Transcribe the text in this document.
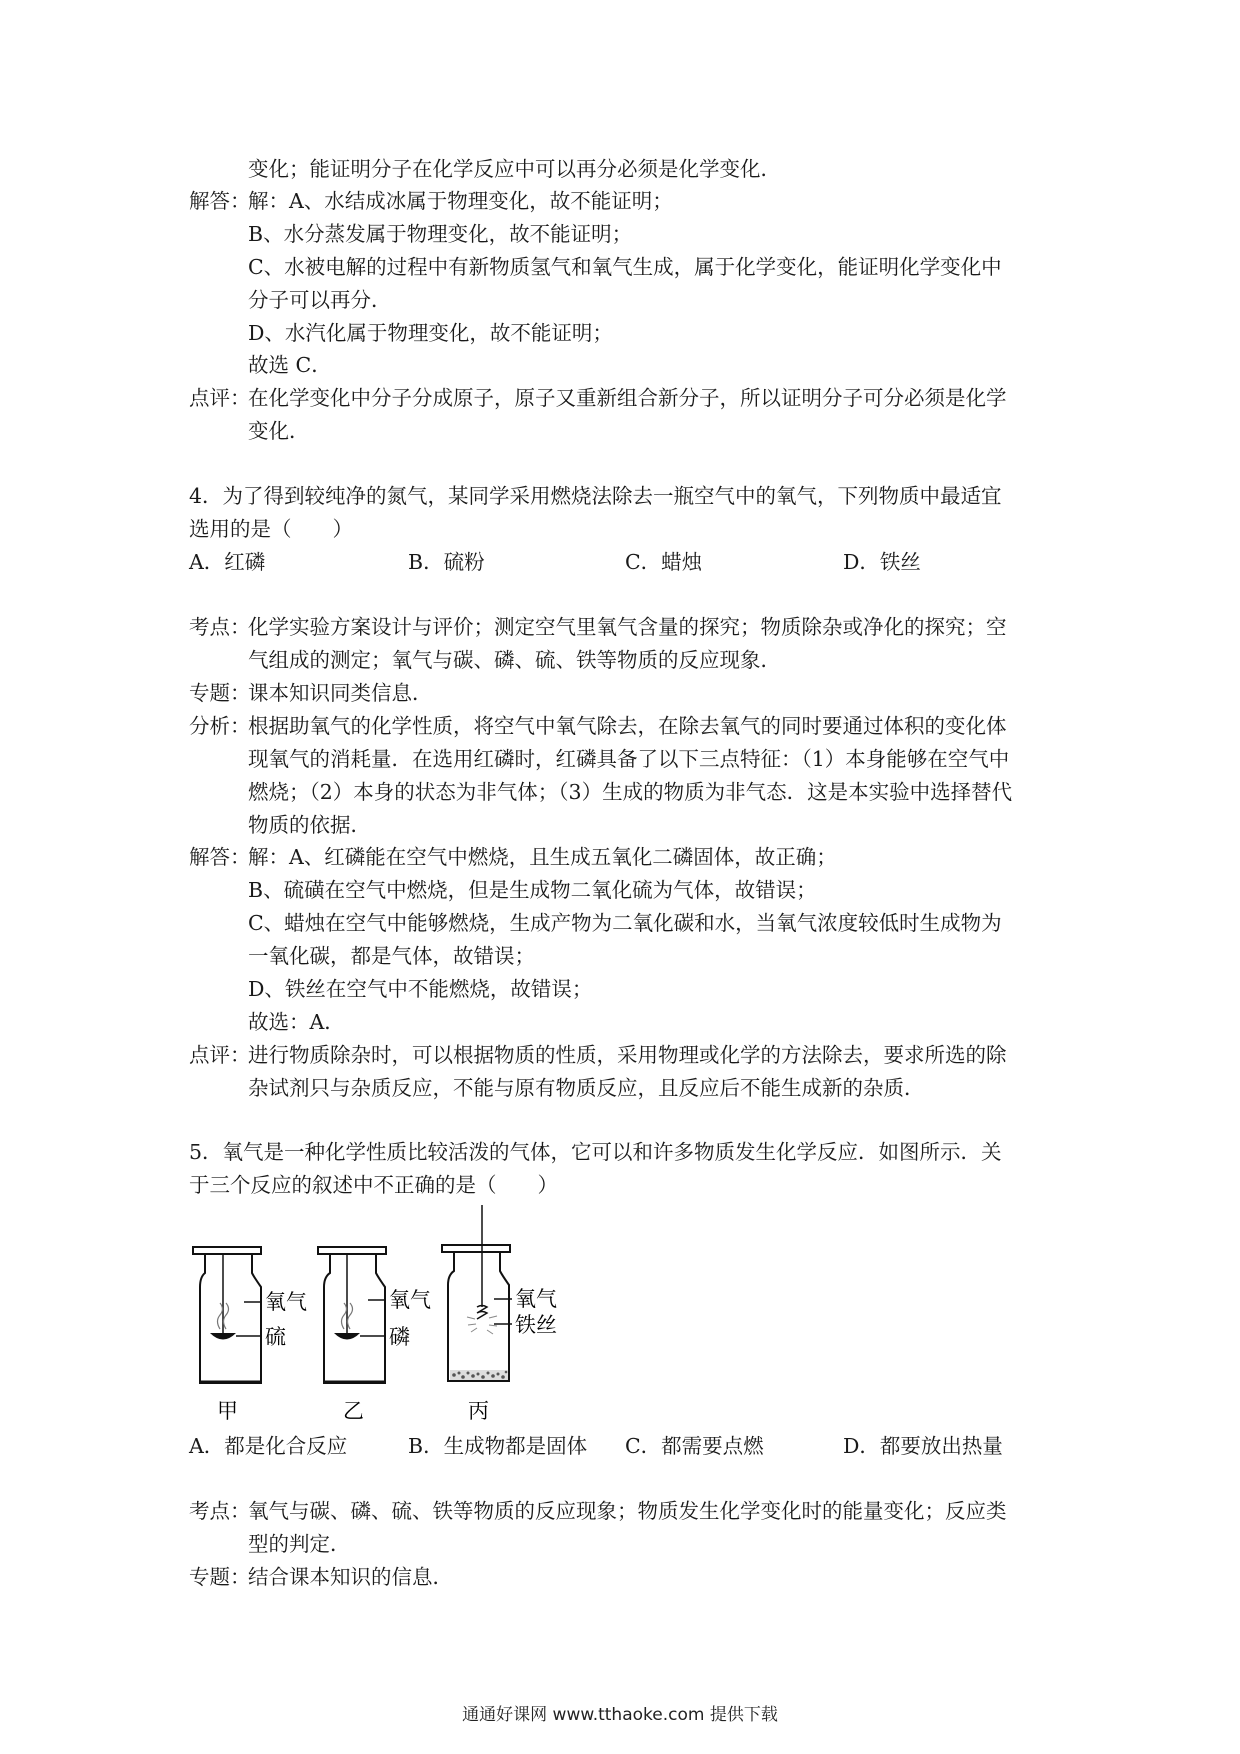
变化；能证明分子在化学反应中可以再分必须是化学变化．
解答：
解：A、水结成冰属于物理变化，故不能证明；
B、水分蒸发属于物理变化，故不能证明；
C、水被电解的过程中有新物质氢气和氧气生成，属于化学变化，能证明化学变化中
分子可以再分．
D、水汽化属于物理变化，故不能证明；
故选 C．
点评：
在化学变化中分子分成原子，原子又重新组合新分子，所以证明分子可分必须是化学
变化．
4．为了得到较纯净的氮气，某同学采用燃烧法除去一瓶空气中的氧气，下列物质中最适宜
选用的是（　　）
A．红磷	B．硫粉	C．蜡烛	D．铁丝
考点：
化学实验方案设计与评价；测定空气里氧气含量的探究；物质除杂或净化的探究；空
气组成的测定；氧气与碳、磷、硫、铁等物质的反应现象．
专题：
课本知识同类信息．
分析：
根据助氧气的化学性质，将空气中氧气除去，在除去氧气的同时要通过体积的变化体
现氧气的消耗量．在选用红磷时，红磷具备了以下三点特征：（1）本身能够在空气中
燃烧；（2）本身的状态为非气体；（3）生成的物质为非气态．这是本实验中选择替代
物质的依据．
解答：
解：A、红磷能在空气中燃烧，且生成五氧化二磷固体，故正确；
B、硫磺在空气中燃烧，但是生成物二氧化硫为气体，故错误；
C、蜡烛在空气中能够燃烧，生成产物为二氧化碳和水，当氧气浓度较低时生成物为
一氧化碳，都是气体，故错误；
D、铁丝在空气中不能燃烧，故错误；
故选：A．
点评：
进行物质除杂时，可以根据物质的性质，采用物理或化学的方法除去，要求所选的除
杂试剂只与杂质反应，不能与原有物质反应，且反应后不能生成新的杂质．
5．氧气是一种化学性质比较活泼的气体，它可以和许多物质发生化学反应．如图所示．关
于三个反应的叙述中不正确的是（　　）
氧气
硫
甲
氧气
磷
乙
氧气
铁丝
丙
A．都是化合反应	B．生成物都是固体 C．都需要点燃	D．都要放出热量
考点：
氧气与碳、磷、硫、铁等物质的反应现象；物质发生化学变化时的能量变化；反应类
型的判定．
专题：
结合课本知识的信息．
通通好课网 www.tthaoke.com 提供下载
